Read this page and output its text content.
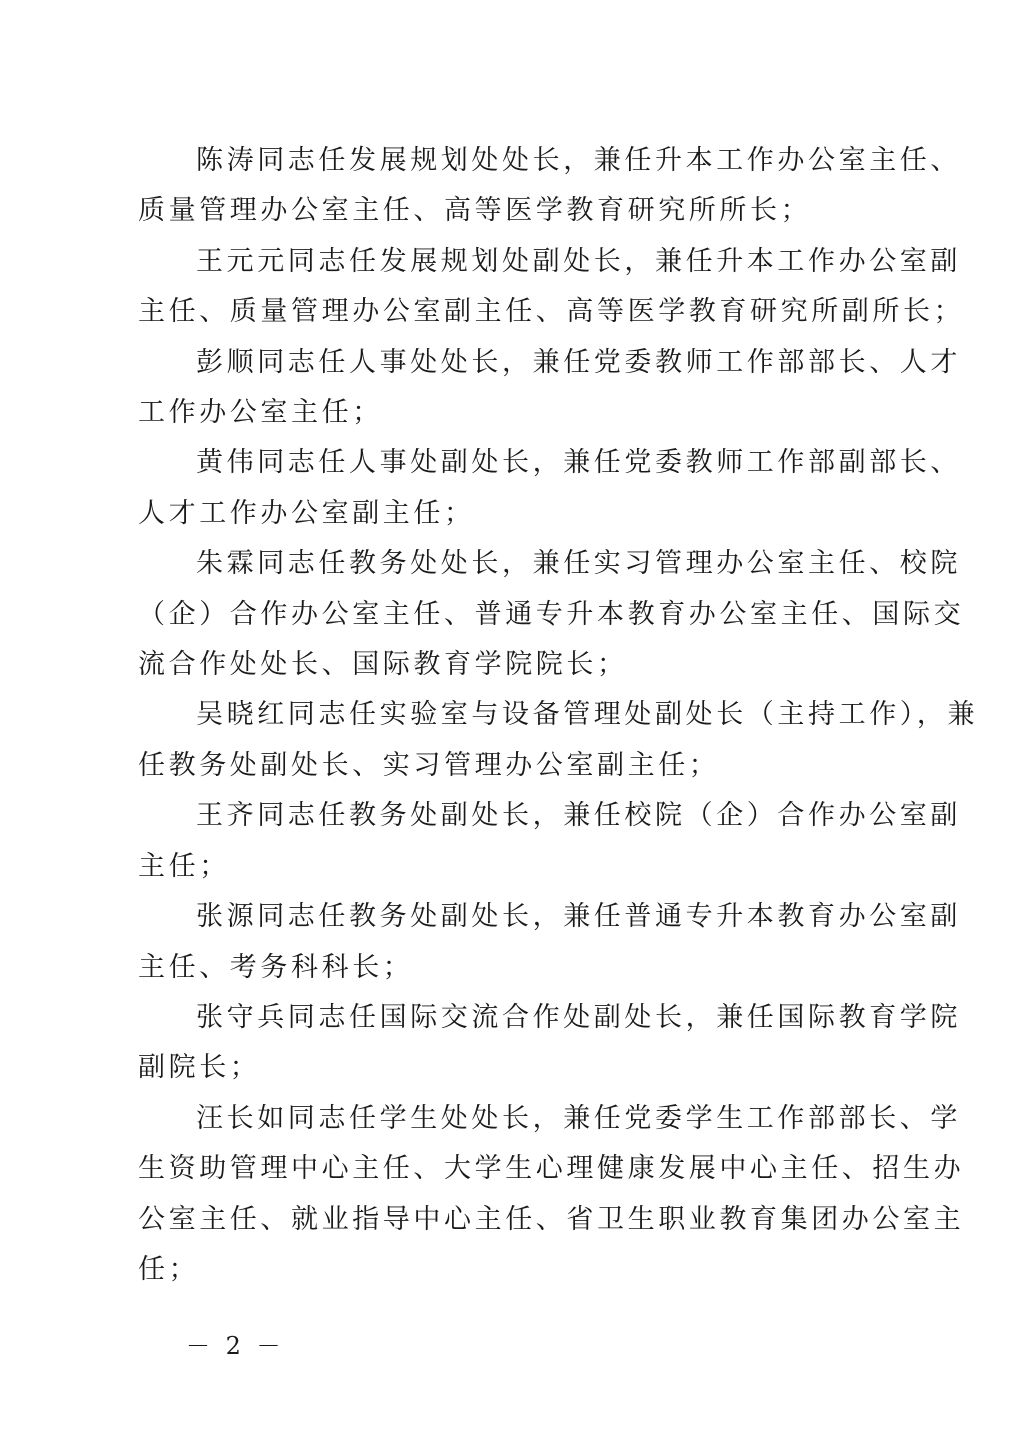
陈涛同志任发展规划处处长，兼任升本工作办公室主任、
质量管理办公室主任、高等医学教育研究所所长；

王元元同志任发展规划处副处长，兼任升本工作办公室副
主任、质量管理办公室副主任、高等医学教育研究所副所长；

彭顺同志任人事处处长，兼任党委教师工作部部长、人才
工作办公室主任；

黄伟同志任人事处副处长，兼任党委教师工作部副部长、
人才工作办公室副主任；

朱霖同志任教务处处长，兼任实习管理办公室主任、校院
（企）合作办公室主任、普通专升本教育办公室主任、国际交
流合作处处长、国际教育学院院长；

吴晓红同志任实验室与设备管理处副处长（主持工作），兼
任教务处副处长、实习管理办公室副主任；

王齐同志任教务处副处长，兼任校院（企）合作办公室副
主任；

张源同志任教务处副处长，兼任普通专升本教育办公室副
主任、考务科科长；

张守兵同志任国际交流合作处副处长，兼任国际教育学院
副院长；

汪长如同志任学生处处长，兼任党委学生工作部部长、学
生资助管理中心主任、大学生心理健康发展中心主任、招生办
公室主任、就业指导中心主任、省卫生职业教育集团办公室主
任；

－ 2 －
